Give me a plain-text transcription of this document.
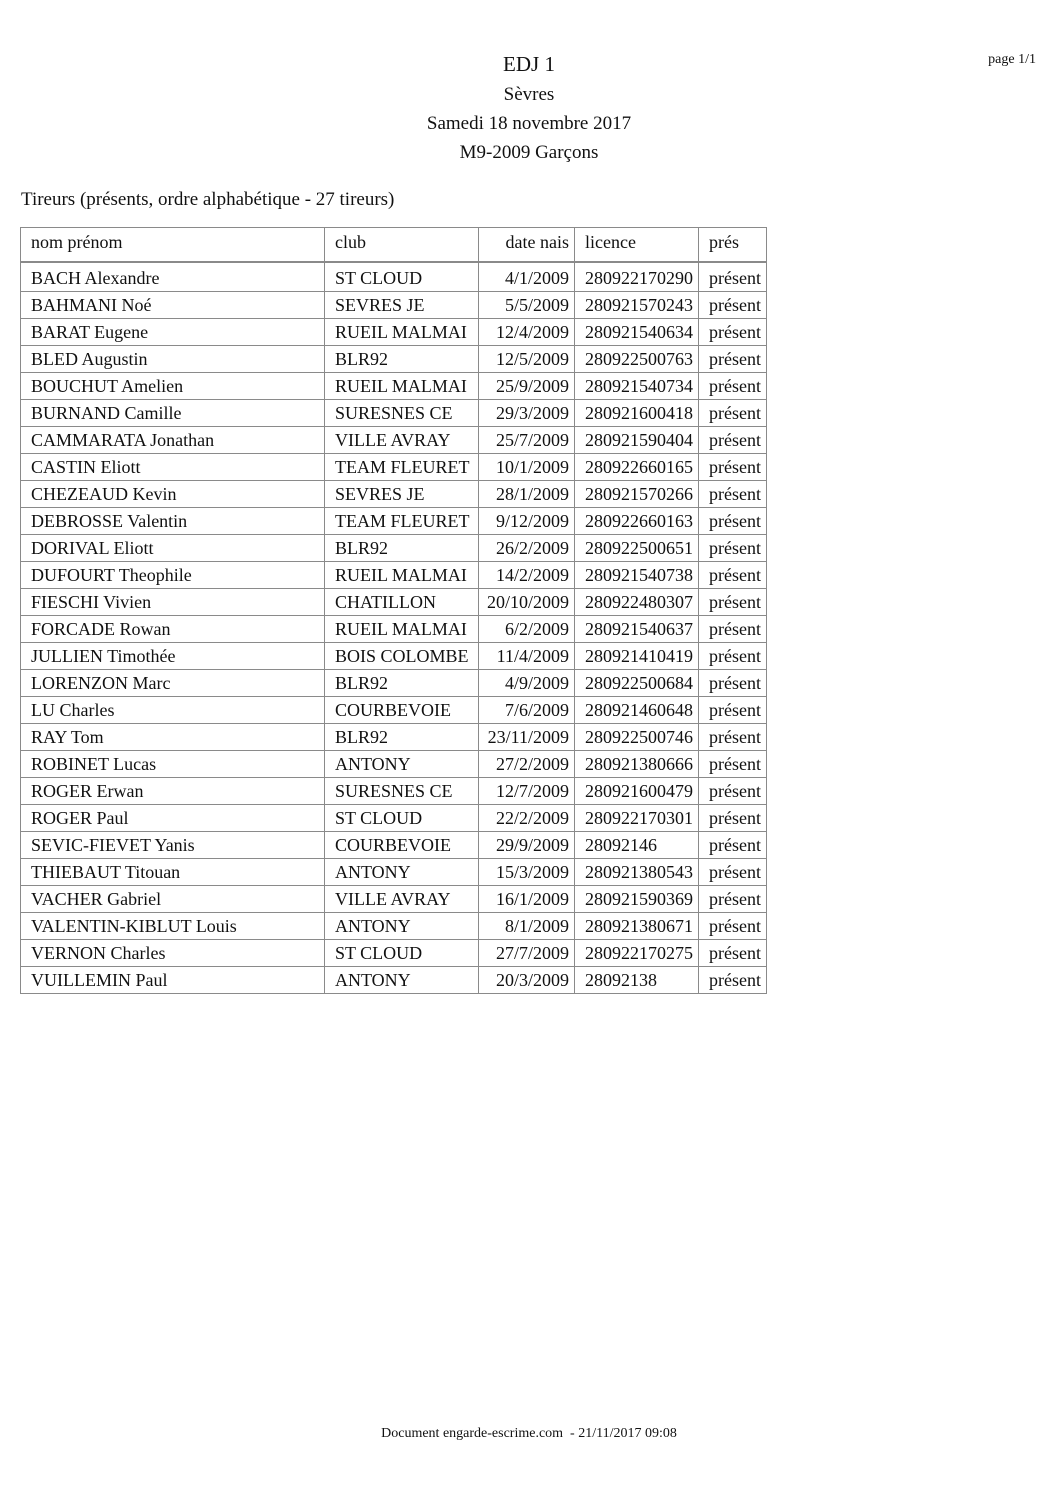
EDJ 1
Sèvres
Samedi 18 novembre 2017
M9-2009 Garçons
page 1/1
Tireurs (présents, ordre alphabétique - 27 tireurs)
nom prénom	club	date nais	licence	prés
BACH Alexandre	ST CLOUD	4/1/2009	280922170290	présent
BAHMANI Noé	SEVRES JE	5/5/2009	280921570243	présent
BARAT Eugene	RUEIL MALMAI	12/4/2009	280921540634	présent
BLED Augustin	BLR92	12/5/2009	280922500763	présent
BOUCHUT Amelien	RUEIL MALMAI	25/9/2009	280921540734	présent
BURNAND Camille	SURESNES CE	29/3/2009	280921600418	présent
CAMMARATA Jonathan	VILLE AVRAY	25/7/2009	280921590404	présent
CASTIN Eliott	TEAM FLEURET	10/1/2009	280922660165	présent
CHEZEAUD Kevin	SEVRES JE	28/1/2009	280921570266	présent
DEBROSSE Valentin	TEAM FLEURET	9/12/2009	280922660163	présent
DORIVAL Eliott	BLR92	26/2/2009	280922500651	présent
DUFOURT Theophile	RUEIL MALMAI	14/2/2009	280921540738	présent
FIESCHI Vivien	CHATILLON	20/10/2009	280922480307	présent
FORCADE Rowan	RUEIL MALMAI	6/2/2009	280921540637	présent
JULLIEN Timothée	BOIS COLOMBE	11/4/2009	280921410419	présent
LORENZON Marc	BLR92	4/9/2009	280922500684	présent
LU Charles	COURBEVOIE	7/6/2009	280921460648	présent
RAY Tom	BLR92	23/11/2009	280922500746	présent
ROBINET Lucas	ANTONY	27/2/2009	280921380666	présent
ROGER Erwan	SURESNES CE	12/7/2009	280921600479	présent
ROGER Paul	ST CLOUD	22/2/2009	280922170301	présent
SEVIC-FIEVET Yanis	COURBEVOIE	29/9/2009	28092146	présent
THIEBAUT Titouan	ANTONY	15/3/2009	280921380543	présent
VACHER Gabriel	VILLE AVRAY	16/1/2009	280921590369	présent
VALENTIN-KIBLUT Louis	ANTONY	8/1/2009	280921380671	présent
VERNON Charles	ST CLOUD	27/7/2009	280922170275	présent
VUILLEMIN Paul	ANTONY	20/3/2009	28092138	présent
Document engarde-escrime.com  - 21/11/2017 09:08
